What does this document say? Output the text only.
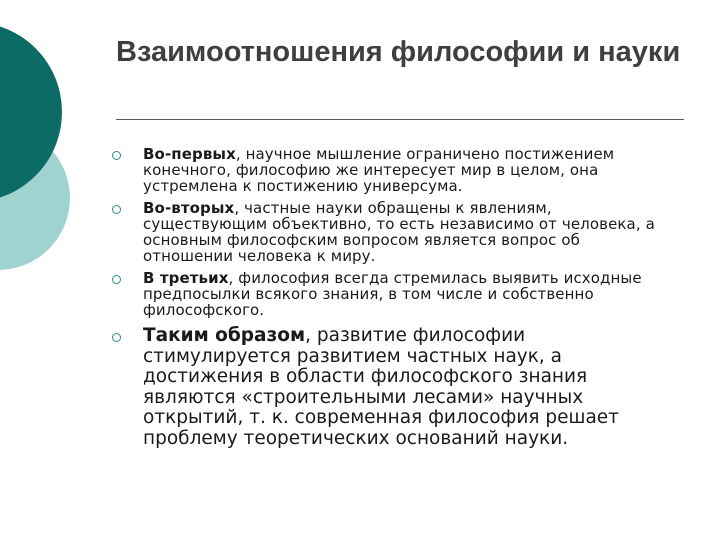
Взаимоотношения философии и науки
Во-первых, научное мышление ограничено постижением конечного, философию же интересует мир в целом, она устремлена к постижению универсума.
Во-вторых, частные науки обращены к явлениям, существующим объективно, то есть независимо от человека, а основным философским вопросом является вопрос об отношении человека к миру.
В третьих, философия всегда стремилась выявить исходные предпосылки всякого знания, в том числе и собственно философского.
Таким образом, развитие философии стимулируется развитием частных наук, а достижения в области философского знания являются «строительными лесами» научных открытий, т. к. современная философия решает проблему теоретических оснований науки.
